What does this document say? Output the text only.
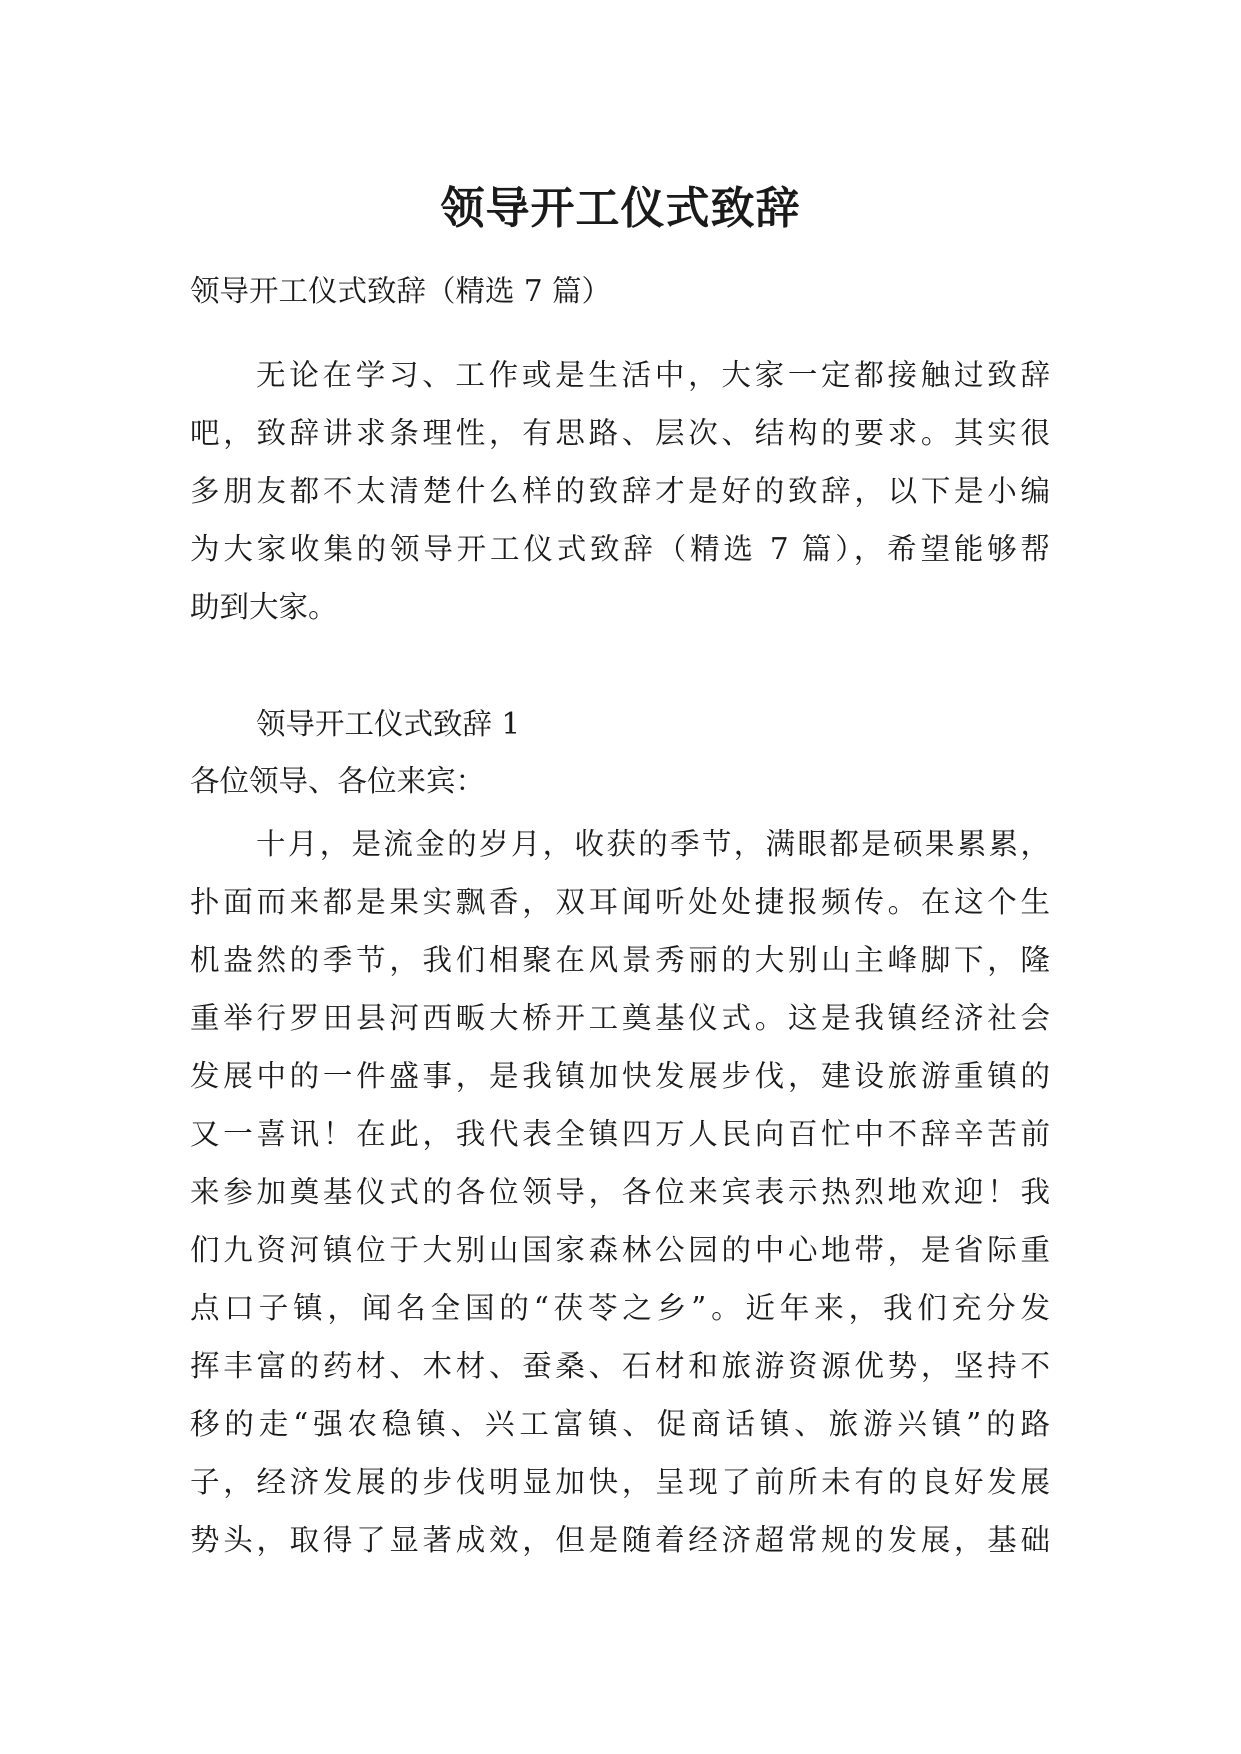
领导开工仪式致辞
领导开工仪式致辞（精选 7 篇）
无论在学习、工作或是生活中，大家一定都接触过致辞
吧，致辞讲求条理性，有思路、层次、结构的要求。其实很
多朋友都不太清楚什么样的致辞才是好的致辞，以下是小编
为大家收集的领导开工仪式致辞（精选 7 篇），希望能够帮
助到大家。
领导开工仪式致辞 1
各位领导、各位来宾：
十月，是流金的岁月，收获的季节，满眼都是硕果累累，
扑面而来都是果实飘香，双耳闻听处处捷报频传。在这个生
机盎然的季节，我们相聚在风景秀丽的大别山主峰脚下，隆
重举行罗田县河西畈大桥开工奠基仪式。这是我镇经济社会
发展中的一件盛事，是我镇加快发展步伐，建设旅游重镇的
又一喜讯！在此，我代表全镇四万人民向百忙中不辞辛苦前
来参加奠基仪式的各位领导，各位来宾表示热烈地欢迎！我
们九资河镇位于大别山国家森林公园的中心地带，是省际重
点口子镇，闻名全国的“茯苓之乡”。近年来，我们充分发
挥丰富的药材、木材、蚕桑、石材和旅游资源优势，坚持不
移的走“强农稳镇、兴工富镇、促商话镇、旅游兴镇”的路
子，经济发展的步伐明显加快，呈现了前所未有的良好发展
势头，取得了显著成效，但是随着经济超常规的发展，基础
